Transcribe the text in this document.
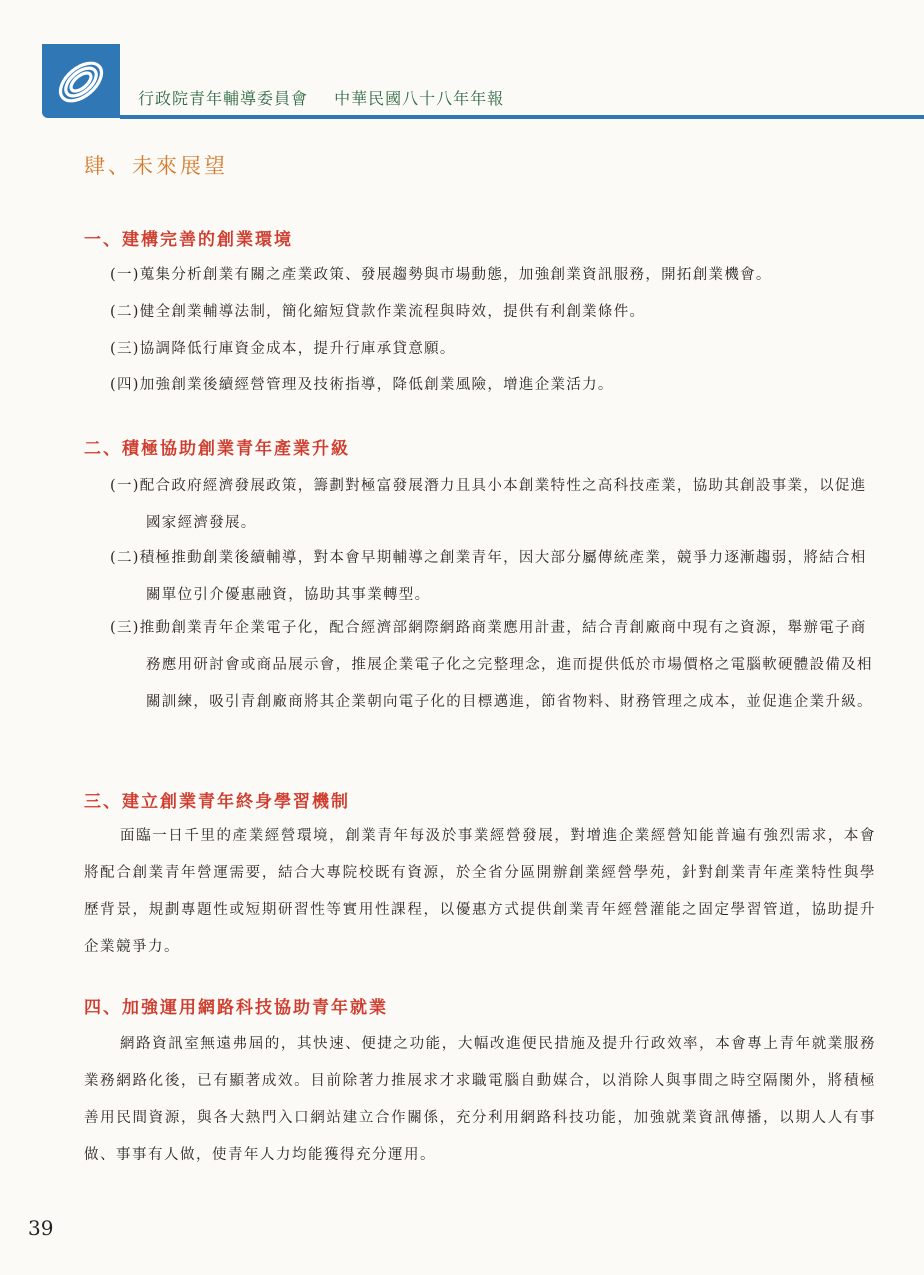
行政院青年輔導委員會 中華民國八十八年年報
肆、未來展望
一、建構完善的創業環境
(一)蒐集分析創業有關之產業政策、發展趨勢與市場動態，加強創業資訊服務，開拓創業機會。
(二)健全創業輔導法制，簡化縮短貸款作業流程與時效，提供有利創業條件。
(三)協調降低行庫資金成本，提升行庫承貸意願。
(四)加強創業後續經營管理及技術指導，降低創業風險，增進企業活力。
二、積極協助創業青年產業升級
(一)配合政府經濟發展政策，籌劃對極富發展潛力且具小本創業特性之高科技產業，協助其創設事業，以促進國家經濟發展。
(二)積極推動創業後續輔導，對本會早期輔導之創業青年，因大部分屬傳統產業，競爭力逐漸趨弱，將結合相關單位引介優惠融資，協助其事業轉型。
(三)推動創業青年企業電子化，配合經濟部網際網路商業應用計畫，結合青創廠商中現有之資源，舉辦電子商務應用研討會或商品展示會，推展企業電子化之完整理念，進而提供低於市場價格之電腦軟硬體設備及相關訓練，吸引青創廠商將其企業朝向電子化的目標邁進，節省物料、財務管理之成本，並促進企業升級。
三、建立創業青年終身學習機制
面臨一日千里的產業經營環境，創業青年每汲於事業經營發展，對增進企業經營知能普遍有強烈需求，本會將配合創業青年營運需要，結合大專院校既有資源，於全省分區開辦創業經營學苑，針對創業青年產業特性與學歷背景，規劃專題性或短期研習性等實用性課程，以優惠方式提供創業青年經營灌能之固定學習管道，協助提升企業競爭力。
四、加強運用網路科技協助青年就業
網路資訊室無遠弗屆的，其快速、便捷之功能，大幅改進便民措施及提升行政效率，本會專上青年就業服務業務網路化後，已有顯著成效。目前除著力推展求才求職電腦自動媒合，以消除人與事間之時空隔閡外，將積極善用民間資源，與各大熱門入口網站建立合作關係，充分利用網路科技功能，加強就業資訊傳播，以期人人有事做、事事有人做，使青年人力均能獲得充分運用。
39
